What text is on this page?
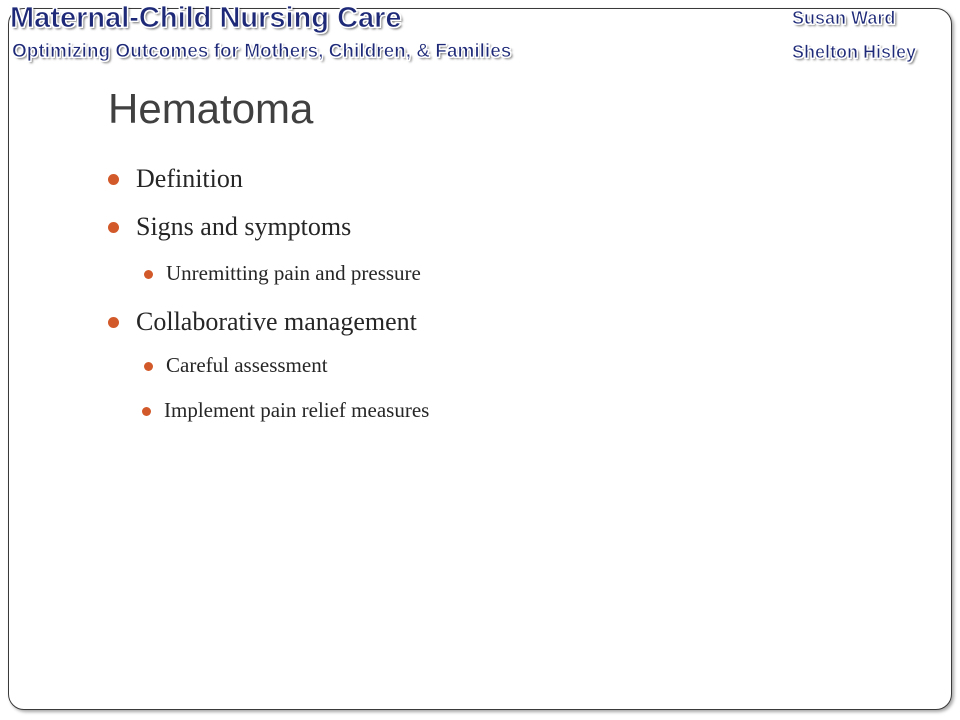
Maternal-Child Nursing Care
Optimizing Outcomes for Mothers, Children, & Families
Susan Ward
Shelton Hisley
Hematoma
Definition
Signs and symptoms
Unremitting pain and pressure
Collaborative management
Careful assessment
Implement pain relief measures
